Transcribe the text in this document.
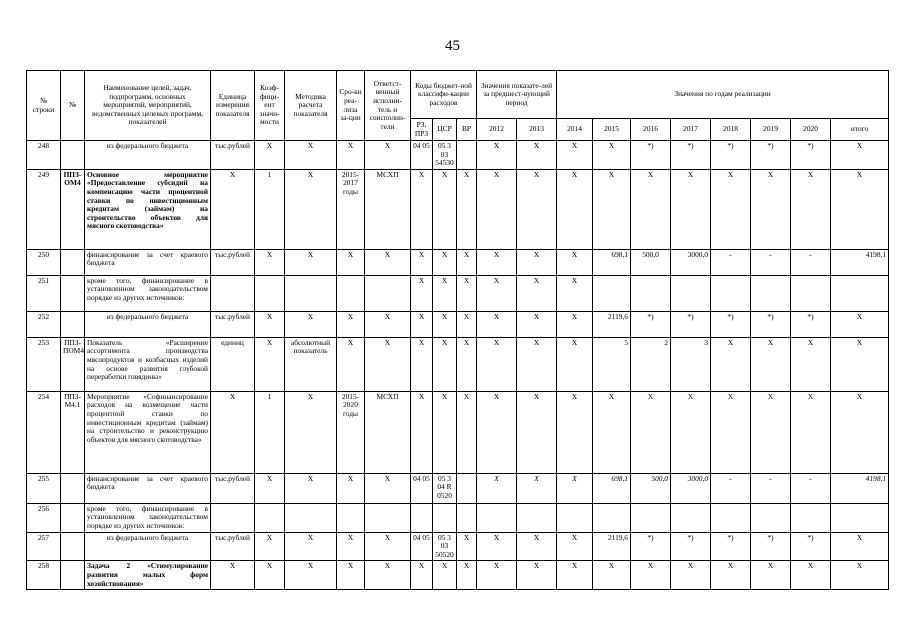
45
№ строки	№	Наименование целей, задач, подпрограмм, основных мероприятий, мероприятий, ведомственных целевых программ, показателей	Единица измерения показателя	Коэф-фици-ент значи-мости	Методика расчета показателя	Сро-ки реа-лиза за-ции	Ответст-венный исполни-тель и соисполни-тели	Коды бюджет-ной классифи-кации расходов			Значения показате-лей за предшест-вующий период		Значения по годам реализации							
								РЗ, ПР3	ЦСР	ВР	2012	2013	2014	2015	2016	2017	2018	2019	2020	итого
248		из федерального бюджета	тыс.рублей	Х	Х	Х	Х	04 05	05 3 03 54530		Х	Х	Х	Х	*)	*)	*)	*)	*)	Х
249	ППЗ-ОМ4	Основное мероприятие «Предоставление субсидий на компенсацию части процентной ставки по инвестиционным кредитам (займам) на строительство объектов для мясного скотоводства»	Х	1	Х	2015-2017 годы	МСХП	Х	Х	Х	Х	Х	Х	Х	Х	Х	Х	Х	Х	Х
250		финансирование за счет краевого бюджета	тыс.рублей	Х	Х	Х	Х	Х	Х	Х	Х	Х	Х	698,1	500,0	3000,0	-	-	-	4198,1
251		кроме того, финансирование в установленном законодательством порядке из других источников:						Х	Х	Х	Х	Х	Х							
252		из федерального бюджета	тыс.рублей	Х	Х	Х	Х	Х	Х	Х	Х	Х	Х	2119,6	*)	*)	*)	*)	*)	Х
253	ППЗ-ПОМ4	Показатель «Расширение ассортимента производства мясопродуктов и колбасных изделий на основе развития глубокой переработки говядины»	единиц	Х	абсолютный показатель	Х	Х	Х	Х	Х	Х	Х	Х	5	2	3	Х	Х	Х	Х
254	ППЗ-М4.1	Мероприятие «Софинансирование расходов на возмещение части процентной ставки по инвестиционным кредитам (займам) на строительство и реконструкцию объектов для мясного скотоводства»	Х	1	Х	2015-2020 годы	МСХП	Х	Х	Х	Х	Х	Х	Х	Х	Х	Х	Х	Х	Х
255		финансирование за счет краевого бюджета	тыс.рублей	Х	Х	Х	Х	04 05	05 3 04 R 0520		Х	Х	Х	698,1	500,0	3000,0	-	-	-	4198,1
256		кроме того, финансирование в установленном законодательством порядке из других источников:																		
257		из федерального бюджета	тыс.рублей	Х	Х	Х	Х	04 05	05 3 03 50520	Х	Х	Х	Х	2119,6	*)	*)	*)	*)	*)	Х
258		Задача 2 «Стимулирование развития малых форм хозяйствования»	Х	Х	Х	Х	Х	Х	Х	Х	Х	Х	Х	Х	Х	Х	Х	Х	Х	Х
